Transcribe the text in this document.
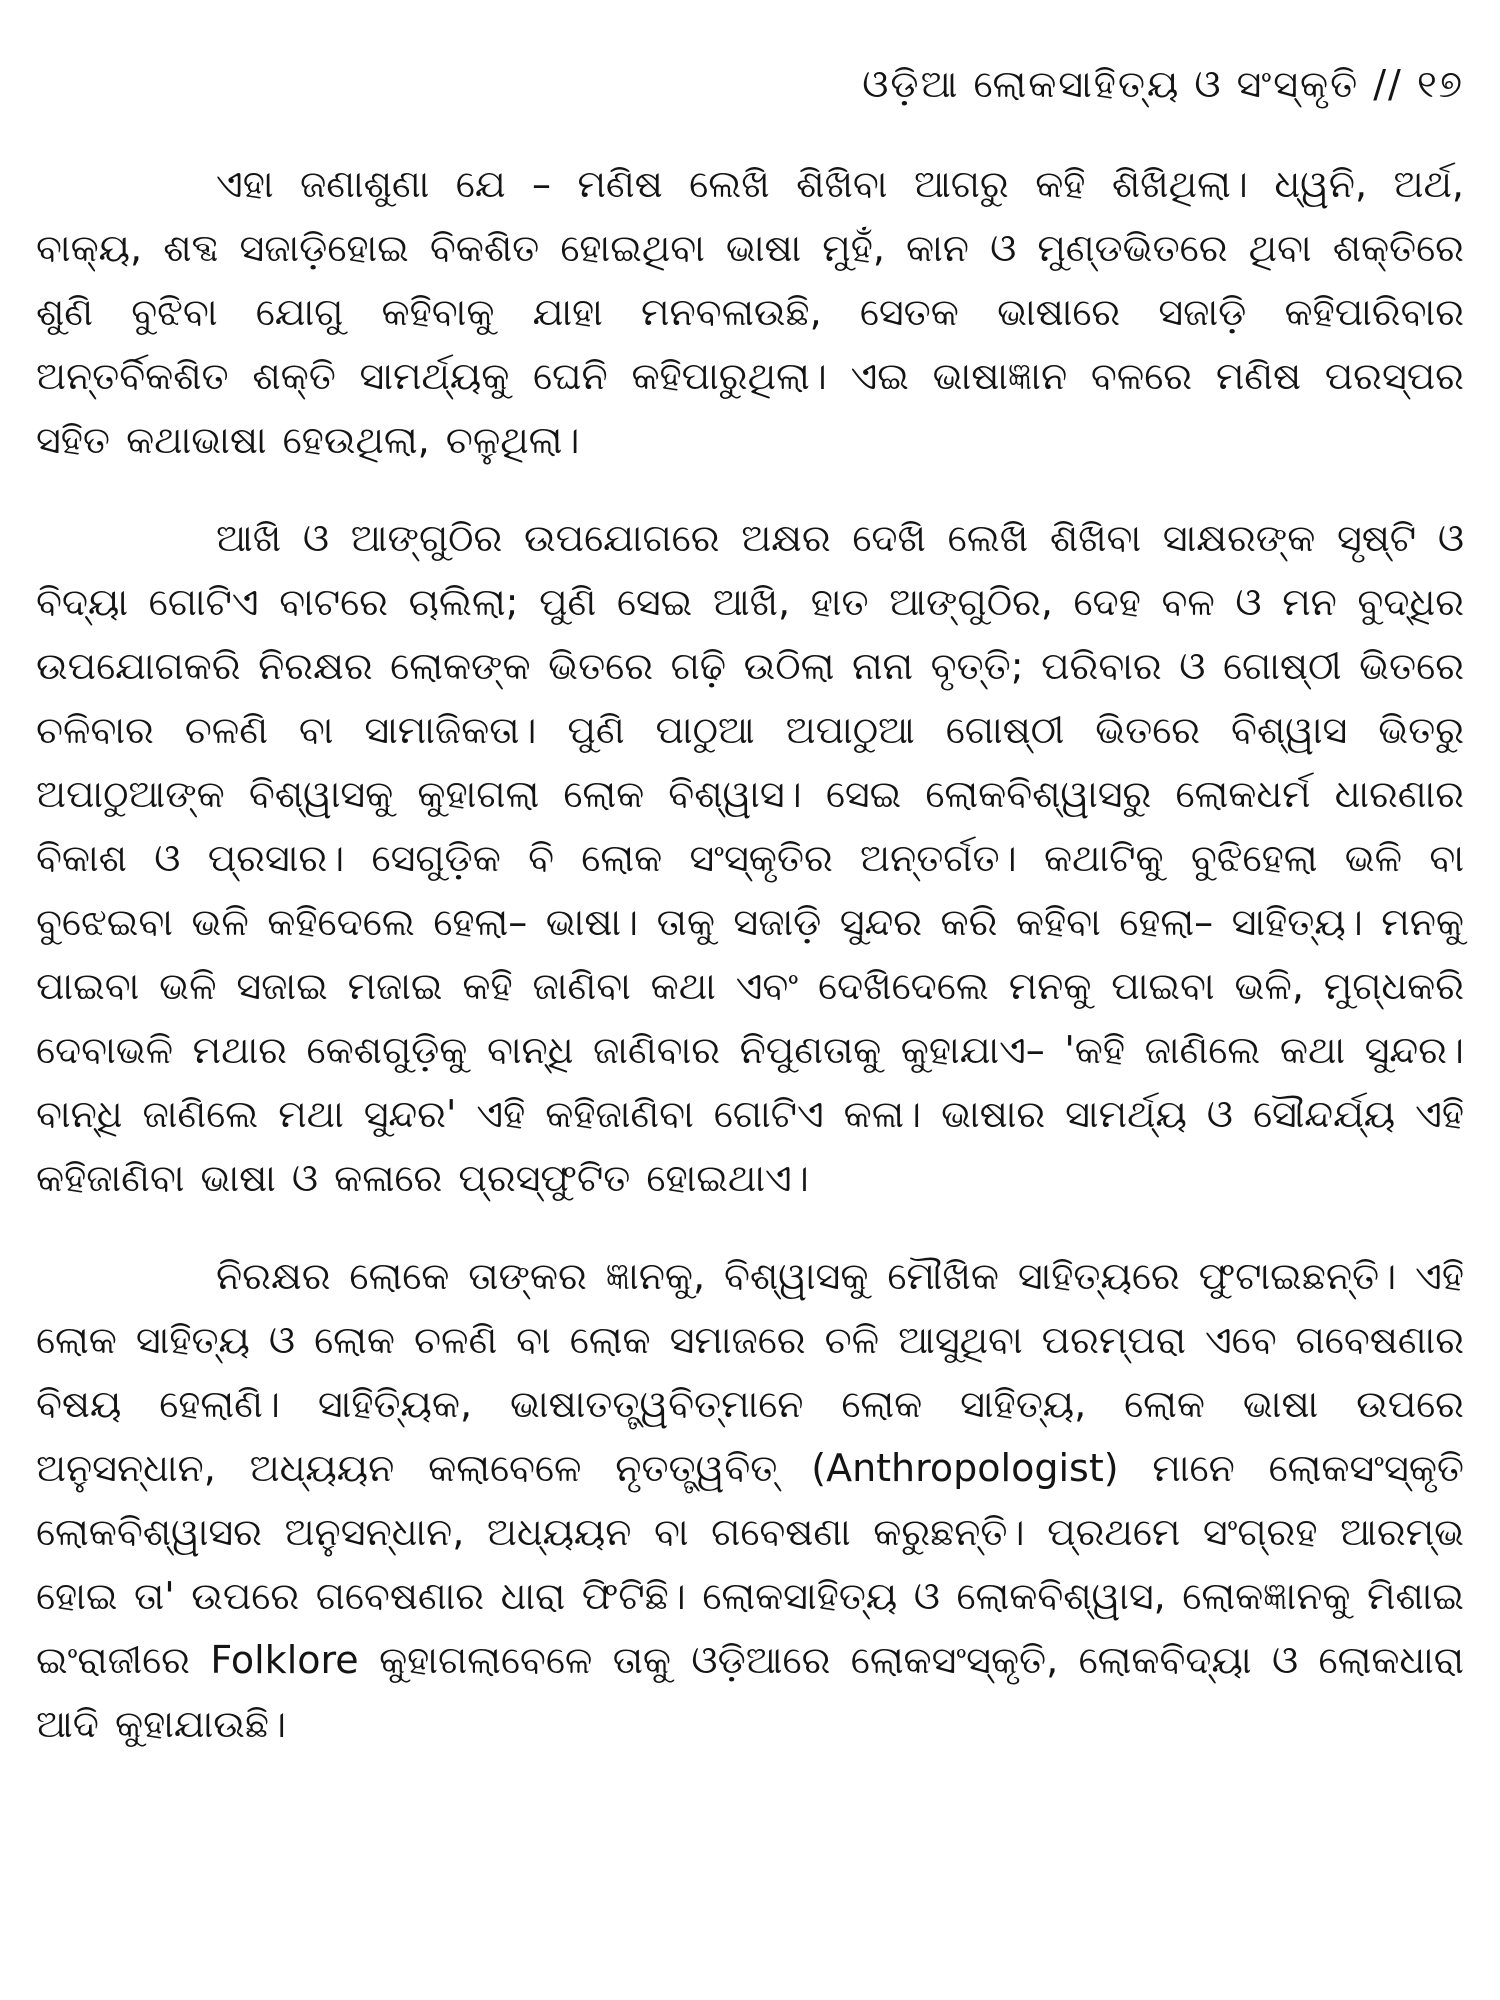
ଓଡ଼ିଆ ଲୋକସାହିତ୍ୟ ଓ ସଂସ୍କୃତି // ୧୭

ଏହା ଜଣାଶୁଣା ଯେ – ମଣିଷ ଲେଖି ଶିଖିବା ଆଗରୁ କହି ଶିଖିଥିଲା। ଧ୍ୱନି, ଅର୍ଥ, ବାକ୍ୟ, ଶବ୍ଦ ସଜାଡ଼ିହୋଇ ବିକଶିତ ହୋଇଥିବା ଭାଷା ମୁହଁ, କାନ ଓ ମୁଣ୍ଡଭିତରେ ଥିବା ଶକ୍ତିରେ ଶୁଣି ବୁଝିବା ଯୋଗୁ କହିବାକୁ ଯାହା ମନବଳାଉଛି, ସେତକ ଭାଷାରେ ସଜାଡ଼ି କହିପାରିବାର ଅନ୍ତର୍ବିକଶିତ ଶକ୍ତି ସାମର୍ଥ୍ୟକୁ ଘେନି କହିପାରୁଥିଲା। ଏଇ ଭାଷାଜ୍ଞାନ ବଳରେ ମଣିଷ ପରସ୍ପର ସହିତ କଥାଭାଷା ହେଉଥିଲା, ଚଳୁଥିଲା।

ଆଖି ଓ ଆଙ୍ଗୁଠିର ଉପଯୋଗରେ ଅକ୍ଷର ଦେଖି ଲେଖି ଶିଖିବା ସାକ୍ଷରଙ୍କ ସୃଷ୍ଟି ଓ ବିଦ୍ୟା ଗୋଟିଏ ବାଟରେ ଚାଲିଲା; ପୁଣି ସେଇ ଆଖି, ହାତ ଆଙ୍ଗୁଠିର, ଦେହ ବଳ ଓ ମନ ବୁଦ୍ଧିର ଉପଯୋଗକରି ନିରକ୍ଷର ଲୋକଙ୍କ ଭିତରେ ଗଢ଼ି ଉଠିଲା ନାନା ବୃତ୍ତି; ପରିବାର ଓ ଗୋଷ୍ଠୀ ଭିତରେ ଚଳିବାର ଚଳଣି ବା ସାମାଜିକତା। ପୁଣି ପାଠୁଆ ଅପାଠୁଆ ଗୋଷ୍ଠୀ ଭିତରେ ବିଶ୍ୱାସ ଭିତରୁ ଅପାଠୁଆଙ୍କ ବିଶ୍ୱାସକୁ କୁହାଗଲା ଲୋକ ବିଶ୍ୱାସ। ସେଇ ଲୋକବିଶ୍ୱାସରୁ ଲୋକଧର୍ମ ଧାରଣାର ବିକାଶ ଓ ପ୍ରସାର। ସେଗୁଡ଼ିକ ବି ଲୋକ ସଂସ୍କୃତିର ଅନ୍ତର୍ଗତ। କଥାଟିକୁ ବୁଝିହେଲା ଭଳି ବା ବୁଝେଇବା ଭଳି କହିଦେଲେ ହେଲା– ଭାଷା। ତାକୁ ସଜାଡ଼ି ସୁନ୍ଦର କରି କହିବା ହେଲା– ସାହିତ୍ୟ। ମନକୁ ପାଇବା ଭଳି ସଜାଇ ମଜାଇ କହି ଜାଣିବା କଥା ଏବଂ ଦେଖିଦେଲେ ମନକୁ ପାଇବା ଭଳି, ମୁଗ୍ଧକରି ଦେବାଭଳି ମଥାର କେଶଗୁଡ଼ିକୁ ବାନ୍ଧି ଜାଣିବାର ନିପୁଣତାକୁ କୁହାଯାଏ– 'କହି ଜାଣିଲେ କଥା ସୁନ୍ଦର। ବାନ୍ଧି ଜାଣିଲେ ମଥା ସୁନ୍ଦର' ଏହି କହିଜାଣିବା ଗୋଟିଏ କଳା। ଭାଷାର ସାମର୍ଥ୍ୟ ଓ ସୌନ୍ଦର୍ଯ୍ୟ ଏହି କହିଜାଣିବା ଭାଷା ଓ କଳାରେ ପ୍ରସ୍ଫୁଟିତ ହୋଇଥାଏ।

ନିରକ୍ଷର ଲୋକେ ତାଙ୍କର ଜ୍ଞାନକୁ, ବିଶ୍ୱାସକୁ ମୌଖିକ ସାହିତ୍ୟରେ ଫୁଟାଇଛନ୍ତି। ଏହି ଲୋକ ସାହିତ୍ୟ ଓ ଲୋକ ଚଳଣି ବା ଲୋକ ସମାଜରେ ଚଳି ଆସୁଥିବା ପରମ୍ପରା ଏବେ ଗବେଷଣାର ବିଷୟ ହେଲାଣି। ସାହିତ୍ୟିକ, ଭାଷାତତ୍ତ୍ୱବିତ୍‌ମାନେ ଲୋକ ସାହିତ୍ୟ, ଲୋକ ଭାଷା ଉପରେ ଅନୁସନ୍ଧାନ, ଅଧ୍ୟୟନ କଲାବେଳେ ନୃତତ୍ତ୍ୱବିତ୍ (Anthropologist) ମାନେ ଲୋକସଂସ୍କୃତି ଲୋକବିଶ୍ୱାସର ଅନୁସନ୍ଧାନ, ଅଧ୍ୟୟନ ବା ଗବେଷଣା କରୁଛନ୍ତି। ପ୍ରଥମେ ସଂଗ୍ରହ ଆରମ୍ଭ ହୋଇ ତା' ଉପରେ ଗବେଷଣାର ଧାରା ଫିଟିଛି। ଲୋକସାହିତ୍ୟ ଓ ଲୋକବିଶ୍ୱାସ, ଲୋକଜ୍ଞାନକୁ ମିଶାଇ ଇଂରାଜୀରେ Folklore କୁହାଗଲାବେଳେ ତାକୁ ଓଡ଼ିଆରେ ଲୋକସଂସ୍କୃତି, ଲୋକବିଦ୍ୟା ଓ ଲୋକଧାରା ଆଦି କୁହାଯାଉଛି।
